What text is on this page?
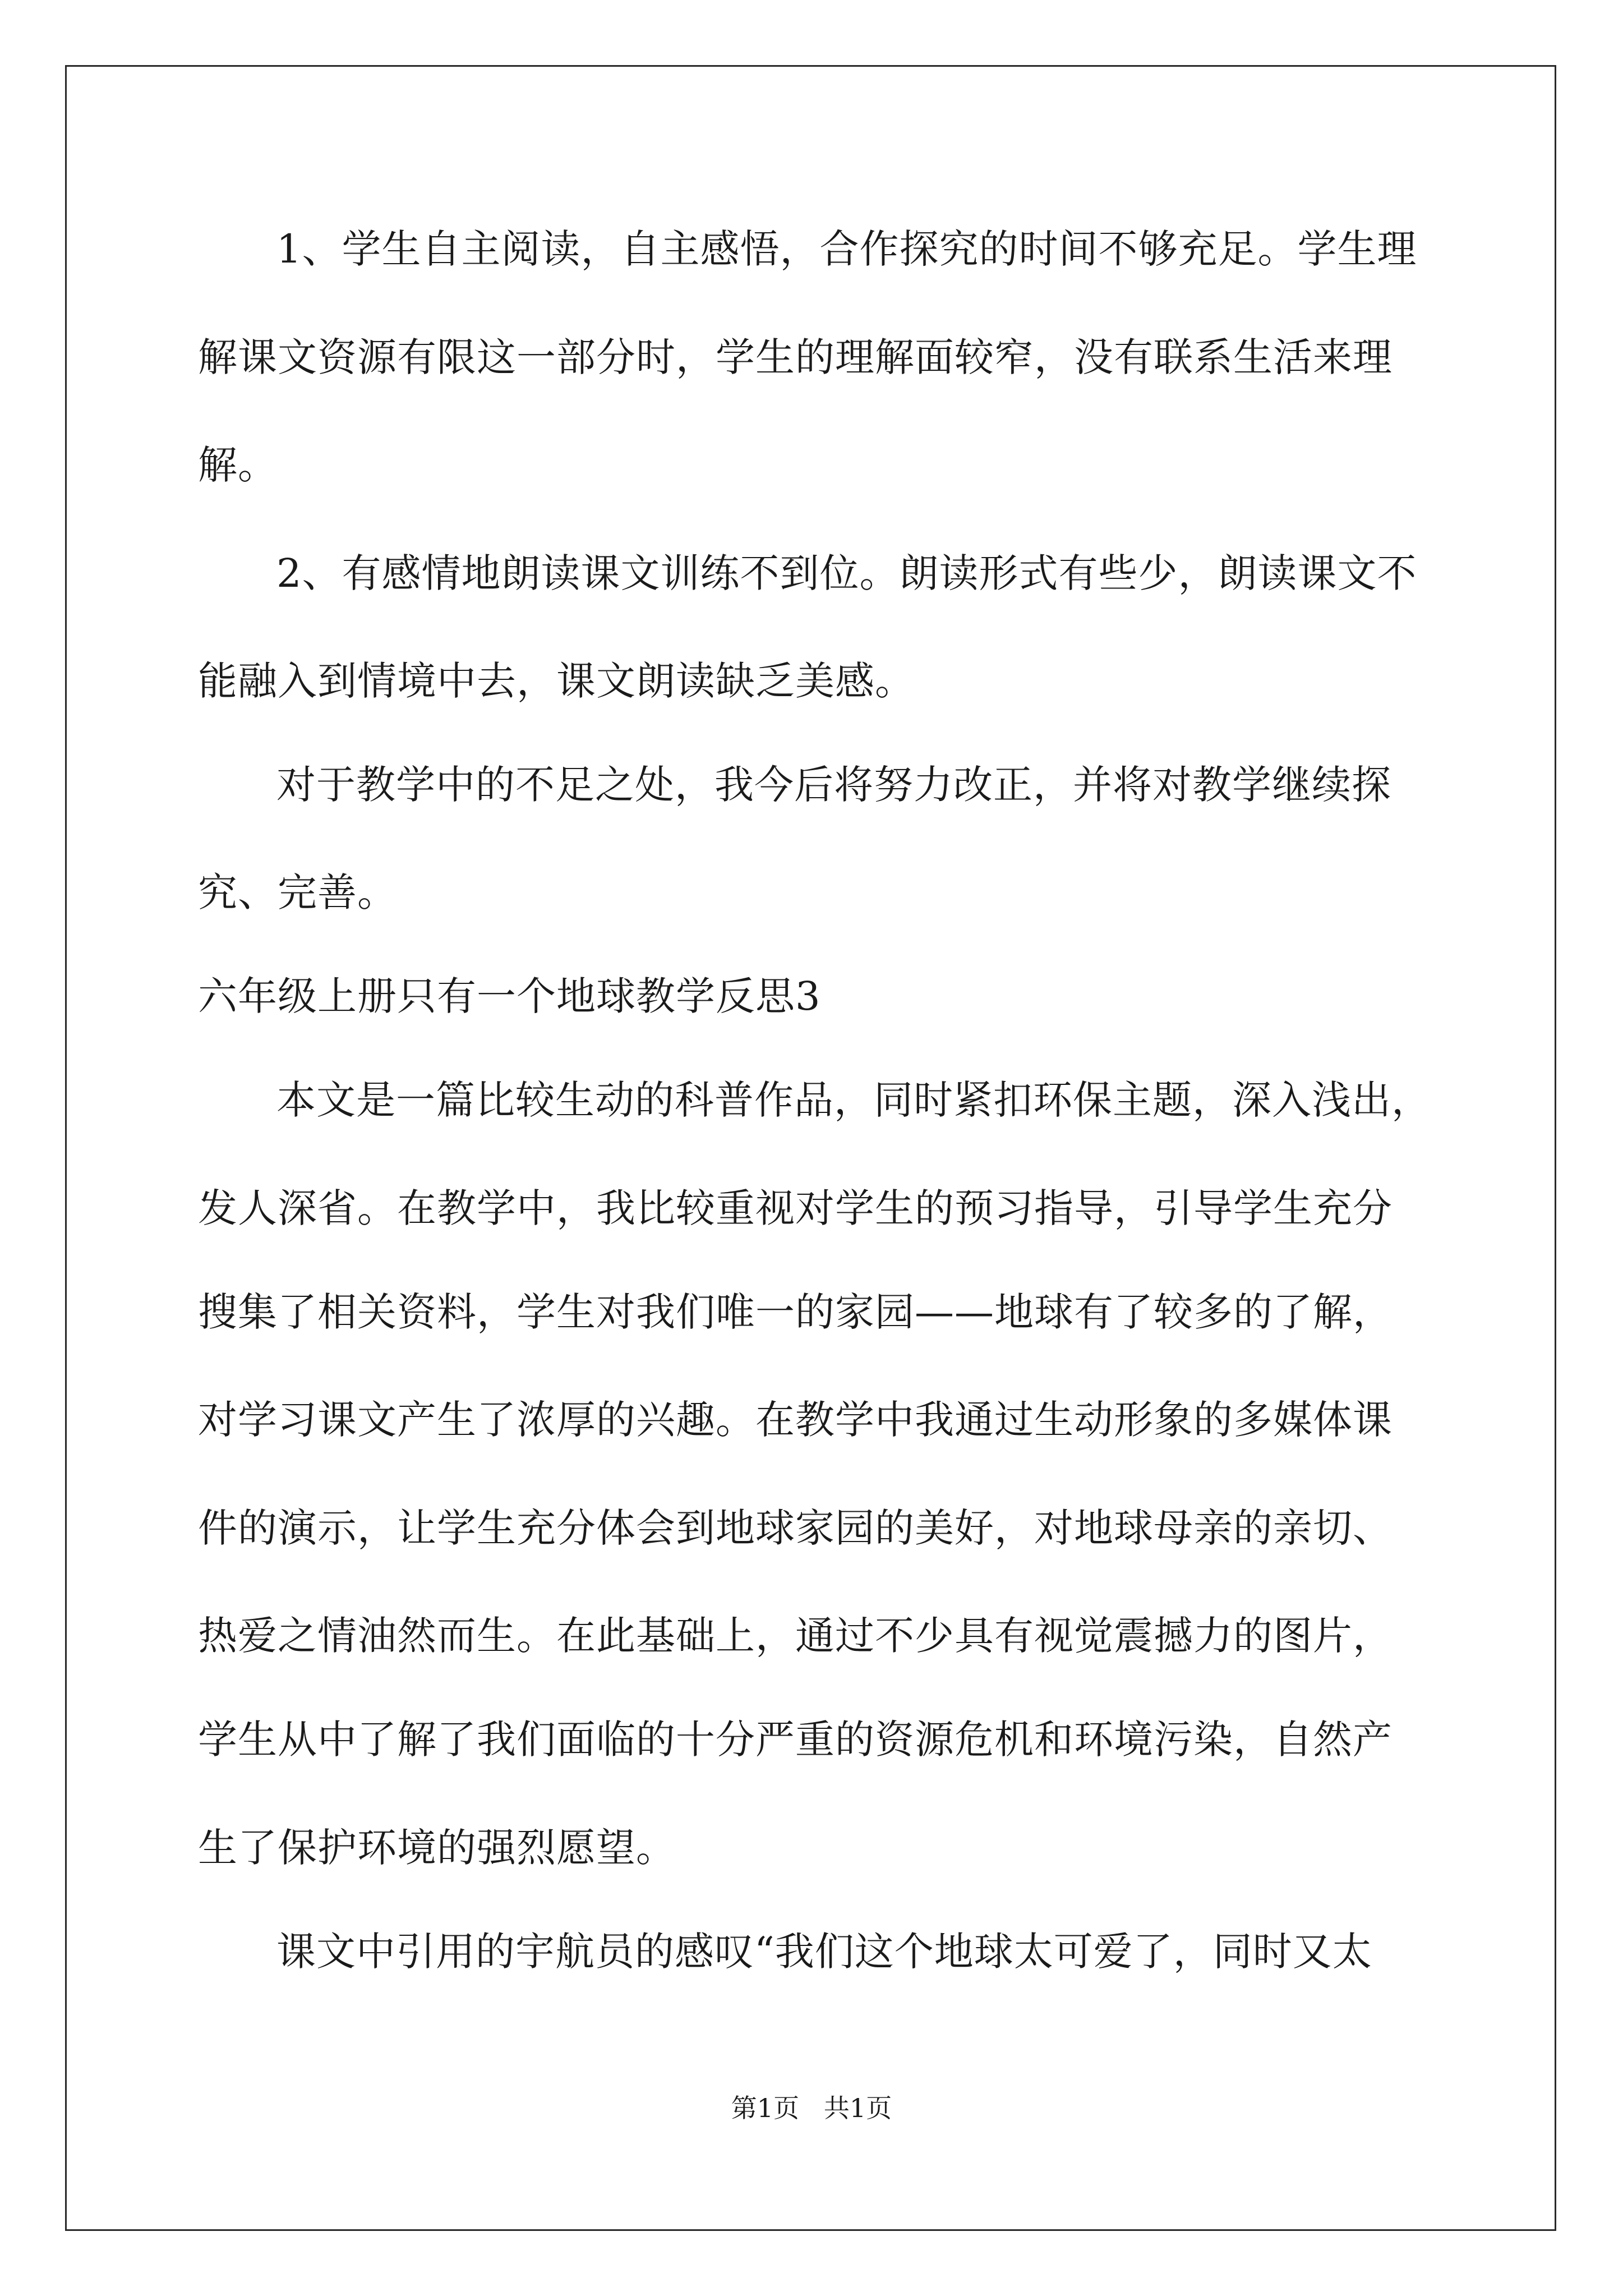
1、学生自主阅读，自主感悟，合作探究的时间不够充足。学生理
解课文资源有限这一部分时，学生的理解面较窄，没有联系生活来理
解。
2、有感情地朗读课文训练不到位。朗读形式有些少，朗读课文不
能融入到情境中去，课文朗读缺乏美感。
对于教学中的不足之处，我今后将努力改正，并将对教学继续探
究、完善。
六年级上册只有一个地球教学反思3
本文是一篇比较生动的科普作品，同时紧扣环保主题，深入浅出，
发人深省。在教学中，我比较重视对学生的预习指导，引导学生充分
搜集了相关资料，学生对我们唯一的家园——地球有了较多的了解，
对学习课文产生了浓厚的兴趣。在教学中我通过生动形象的多媒体课
件的演示，让学生充分体会到地球家园的美好，对地球母亲的亲切、
热爱之情油然而生。在此基础上，通过不少具有视觉震撼力的图片，
学生从中了解了我们面临的十分严重的资源危机和环境污染，自然产
生了保护环境的强烈愿望。
课文中引用的宇航员的感叹“我们这个地球太可爱了，同时又太
第1页   共1页
